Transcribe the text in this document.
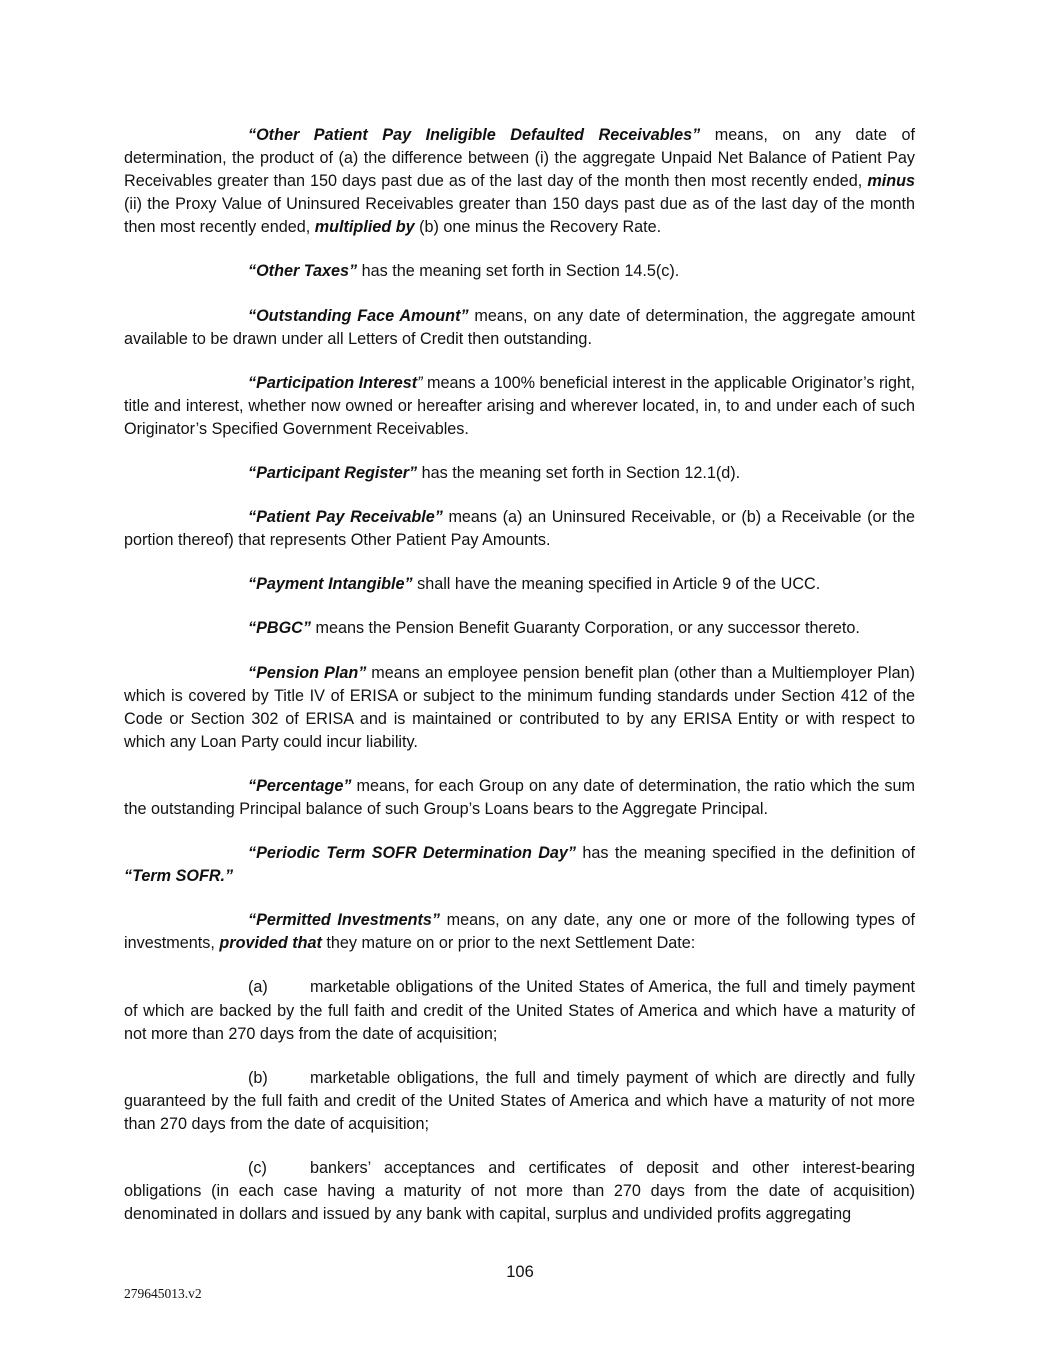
“Other Patient Pay Ineligible Defaulted Receivables” means, on any date of determination, the product of (a) the difference between (i) the aggregate Unpaid Net Balance of Patient Pay Receivables greater than 150 days past due as of the last day of the month then most recently ended, minus (ii) the Proxy Value of Uninsured Receivables greater than 150 days past due as of the last day of the month then most recently ended, multiplied by (b) one minus the Recovery Rate.

“Other Taxes” has the meaning set forth in Section 14.5(c).

“Outstanding Face Amount” means, on any date of determination, the aggregate amount available to be drawn under all Letters of Credit then outstanding.

“Participation Interest” means a 100% beneficial interest in the applicable Originator’s right, title and interest, whether now owned or hereafter arising and wherever located, in, to and under each of such Originator’s Specified Government Receivables.

“Participant Register” has the meaning set forth in Section 12.1(d).

“Patient Pay Receivable” means (a) an Uninsured Receivable, or (b) a Receivable (or the portion thereof) that represents Other Patient Pay Amounts.

“Payment Intangible” shall have the meaning specified in Article 9 of the UCC.

“PBGC” means the Pension Benefit Guaranty Corporation, or any successor thereto.

“Pension Plan” means an employee pension benefit plan (other than a Multiemployer Plan) which is covered by Title IV of ERISA or subject to the minimum funding standards under Section 412 of the Code or Section 302 of ERISA and is maintained or contributed to by any ERISA Entity or with respect to which any Loan Party could incur liability.

“Percentage” means, for each Group on any date of determination, the ratio which the sum the outstanding Principal balance of such Group’s Loans bears to the Aggregate Principal.

“Periodic Term SOFR Determination Day” has the meaning specified in the definition of “Term SOFR.”

“Permitted Investments” means, on any date, any one or more of the following types of investments, provided that they mature on or prior to the next Settlement Date:

(a)	marketable obligations of the United States of America, the full and timely payment of which are backed by the full faith and credit of the United States of America and which have a maturity of not more than 270 days from the date of acquisition;

(b)	marketable obligations, the full and timely payment of which are directly and fully guaranteed by the full faith and credit of the United States of America and which have a maturity of not more than 270 days from the date of acquisition;

(c)	bankers’ acceptances and certificates of deposit and other interest-bearing obligations (in each case having a maturity of not more than 270 days from the date of acquisition) denominated in dollars and issued by any bank with capital, surplus and undivided profits aggregating

106
279645013.v2
